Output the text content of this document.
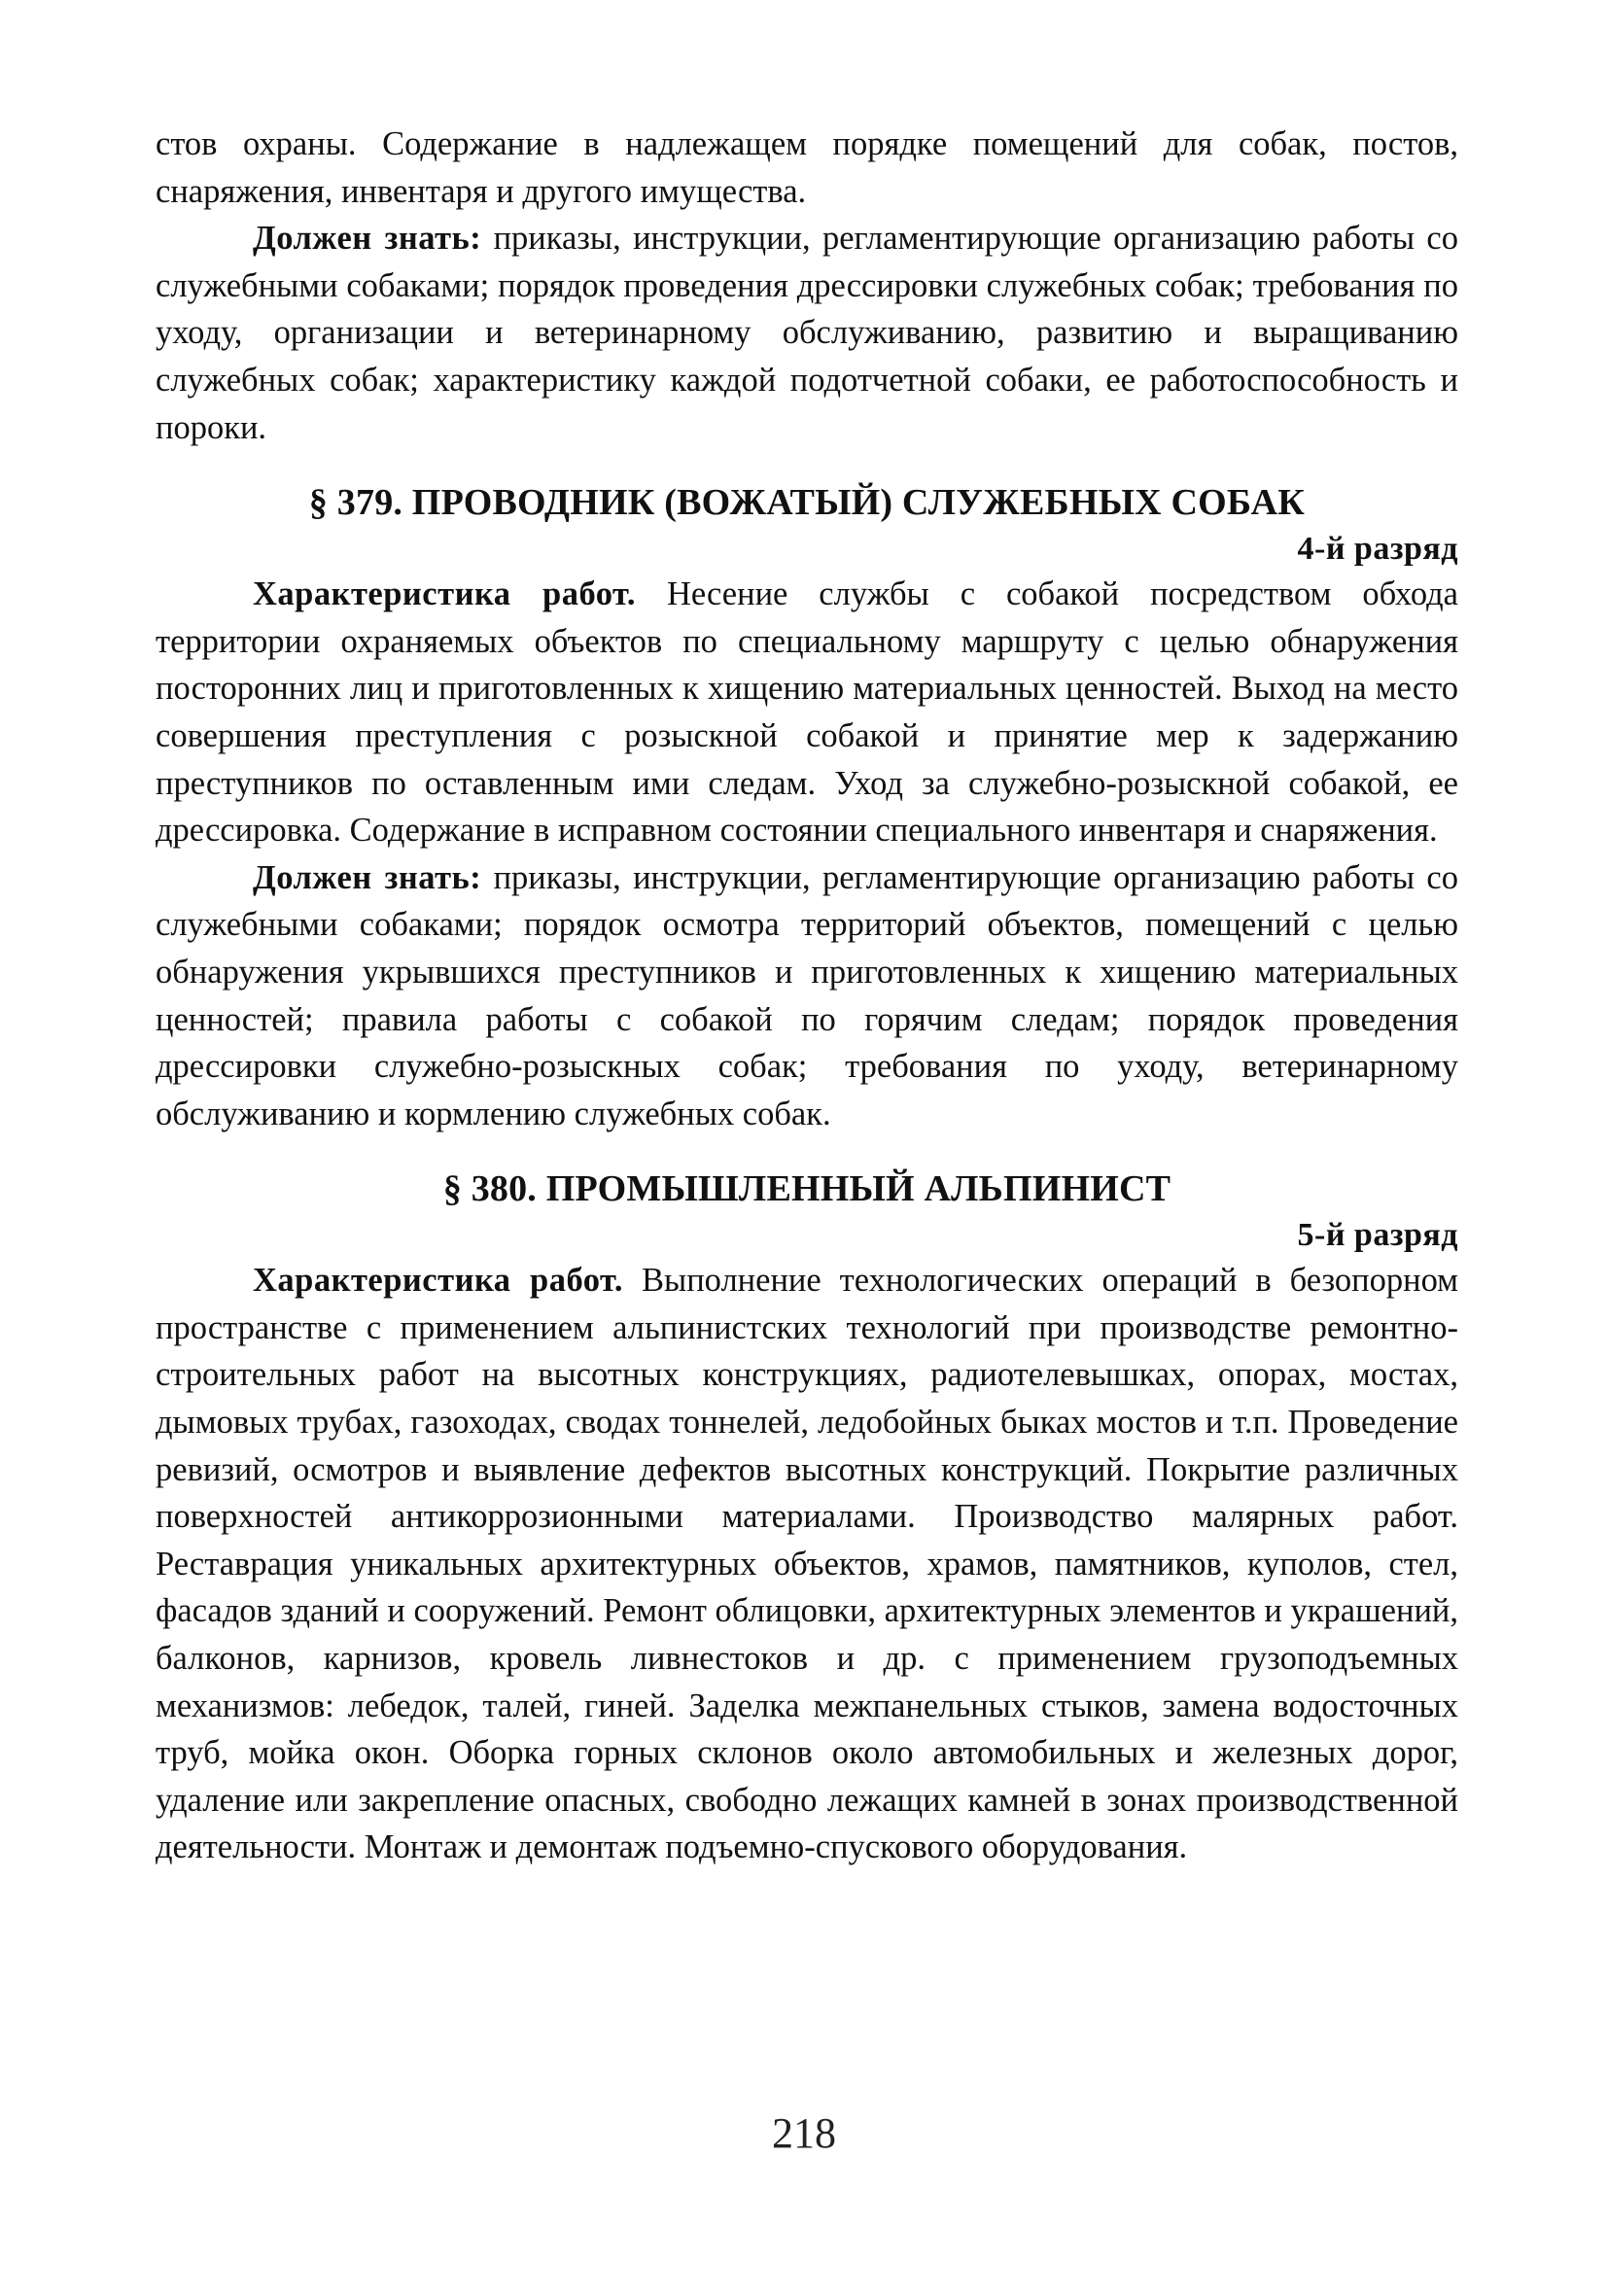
стов охраны. Содержание в надлежащем порядке помещений для собак, постов, снаряжения, инвентаря и другого имущества.

Должен знать: приказы, инструкции, регламентирующие организацию работы со служебными собаками; порядок проведения дрессировки служебных собак; требования по уходу, организации и ветеринарному обслуживанию, развитию и выращиванию служебных собак; характеристику каждой подотчетной собаки, ее работоспособность и пороки.

§ 379. ПРОВОДНИК (ВОЖАТЫЙ) СЛУЖЕБНЫХ СОБАК

4-й разряд

Характеристика работ. Несение службы с собакой посредством обхода территории охраняемых объектов по специальному маршруту с целью обнаружения посторонних лиц и приготовленных к хищению материальных ценностей. Выход на место совершения преступления с розыскной собакой и принятие мер к задержанию преступников по оставленным ими следам. Уход за служебно-розыскной собакой, ее дрессировка. Содержание в исправном состоянии специального инвентаря и снаряжения.

Должен знать: приказы, инструкции, регламентирующие организацию работы со служебными собаками; порядок осмотра территорий объектов, помещений с целью обнаружения укрывшихся преступников и приготовленных к хищению материальных ценностей; правила работы с собакой по горячим следам; порядок проведения дрессировки служебно-розыскных собак; требования по уходу, ветеринарному обслуживанию и кормлению служебных собак.

§ 380. ПРОМЫШЛЕННЫЙ АЛЬПИНИСТ

5-й разряд

Характеристика работ. Выполнение технологических операций в безопорном пространстве с применением альпинистских технологий при производстве ремонтно-строительных работ на высотных конструкциях, радиотелевышках, опорах, мостах, дымовых трубах, газоходах, сводах тоннелей, ледобойных быках мостов и т.п. Проведение ревизий, осмотров и выявление дефектов высотных конструкций. Покрытие различных поверхностей антикоррозионными материалами. Производство малярных работ. Реставрация уникальных архитектурных объектов, храмов, памятников, куполов, стел, фасадов зданий и сооружений. Ремонт облицовки, архитектурных элементов и украшений, балконов, карнизов, кровель ливнестоков и др. с применением грузоподъемных механизмов: лебедок, талей, гиней. Заделка межпанельных стыков, замена водосточных труб, мойка окон. Оборка горных склонов около автомобильных и железных дорог, удаление или закрепление опасных, свободно лежащих камней в зонах производственной деятельности. Монтаж и демонтаж подъемно-спускового оборудования.

218
